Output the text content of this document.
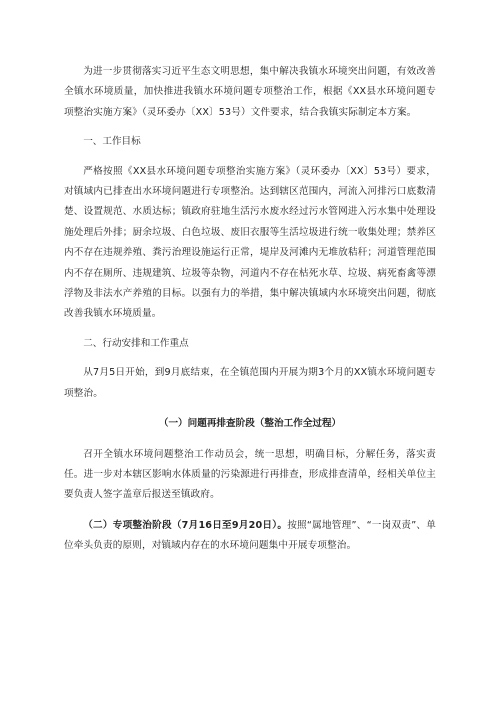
为进一步贯彻落实习近平生态文明思想，集中解决我镇水环境突出问题，有效改善全镇水环境质量，加快推进我镇水环境问题专项整治工作，根据《XX县水环境问题专项整治实施方案》（灵环委办〔XX〕53号）文件要求，结合我镇实际制定本方案。

一、工作目标

严格按照《XX县水环境问题专项整治实施方案》（灵环委办〔XX〕53号）要求，对镇域内已排查出水环境问题进行专项整治。达到辖区范围内，河流入河排污口底数清楚、设置规范、水质达标；镇政府驻地生活污水废水经过污水管网进入污水集中处理设施处理后外排；厨余垃圾、白色垃圾、废旧衣服等生活垃圾进行统一收集处理；禁养区内不存在违规养殖、粪污治理设施运行正常，堤岸及河滩内无堆放秸秆；河道管理范围内不存在厕所、违规建筑、垃圾等杂物，河道内不存在枯死水草、垃圾、病死畜禽等漂浮物及非法水产养殖的目标。以强有力的举措，集中解决镇域内水环境突出问题，彻底改善我镇水环境质量。

二、行动安排和工作重点

从7月5日开始，到9月底结束，在全镇范围内开展为期3个月的XX镇水环境问题专项整治。

（一）问题再排查阶段（整治工作全过程）

召开全镇水环境问题整治工作动员会，统一思想，明确目标，分解任务，落实责任。进一步对本辖区影响水体质量的污染源进行再排查，形成排查清单，经相关单位主要负责人签字盖章后报送至镇政府。

（二）专项整治阶段（7月16日至9月20日）。按照“属地管理”、“一岗双责”、单位牵头负责的原则，对镇域内存在的水环境问题集中开展专项整治。
